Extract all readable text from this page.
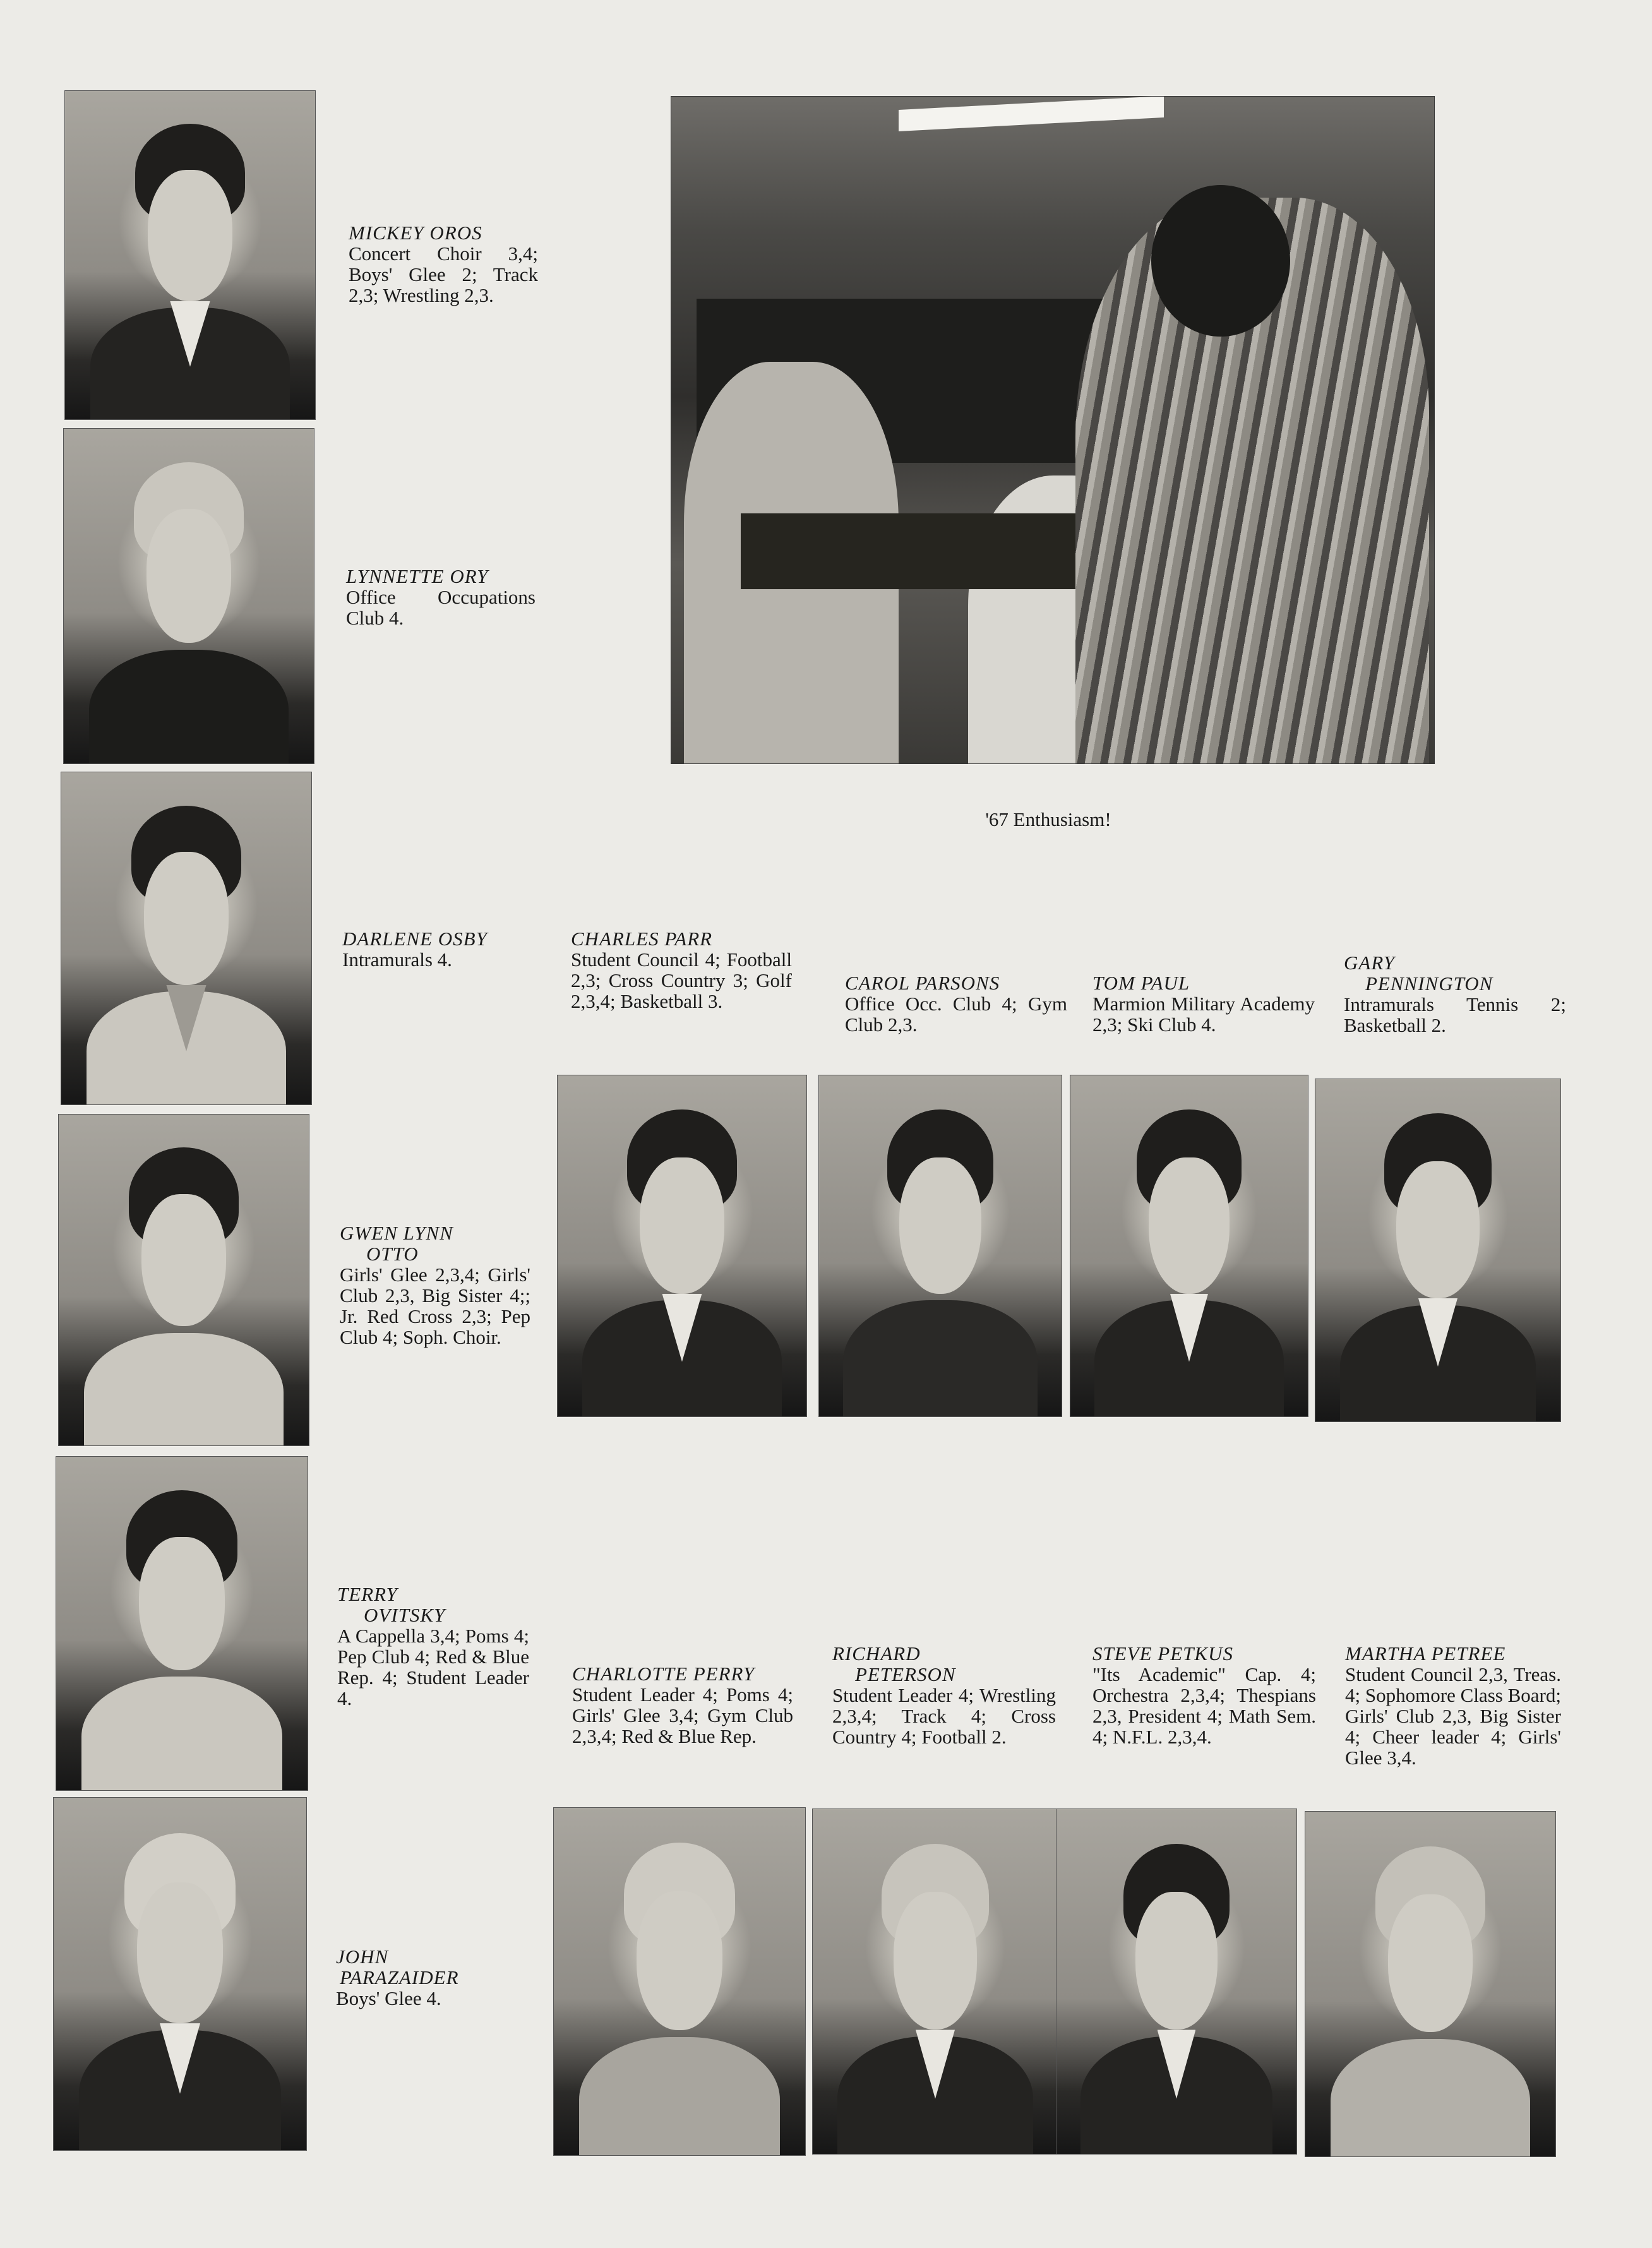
'67 Enthusiasm!
MICKEY OROS
Concert Choir 3,4; Boys' Glee 2; Track 2,3; Wrestling 2,3.
LYNNETTE ORY
Office Occupations Club 4.
DARLENE OSBY
Intramurals 4.
GWEN LYNN
OTTO
Girls' Glee 2,3,4; Girls' Club 2,3, Big Sister 4;; Jr. Red Cross 2,3; Pep Club 4; Soph. Choir.
TERRY
OVITSKY
A Cappella 3,4; Poms 4; Pep Club 4; Red & Blue Rep. 4; Student Leader 4.
JOHN
PARAZAIDER
Boys' Glee 4.
CHARLES PARR
Student Council 4; Football 2,3; Cross Country 3; Golf 2,3,4; Basketball 3.
CAROL PARSONS
Office Occ. Club 4; Gym Club 2,3.
TOM PAUL
Marmion Military Academy 2,3; Ski Club 4.
GARY
PENNINGTON
Intramurals Tennis 2; Basketball 2.
CHARLOTTE PERRY
Student Leader 4; Poms 4; Girls' Glee 3,4; Gym Club 2,3,4; Red & Blue Rep.
RICHARD
PETERSON
Student Leader 4; Wrestling 2,3,4; Track 4; Cross Country 4; Football 2.
STEVE PETKUS
"Its Academic" Cap. 4; Orchestra 2,3,4; Thespians 2,3, President 4; Math Sem. 4; N.F.L. 2,3,4.
MARTHA PETREE
Student Council 2,3, Treas. 4; Sophomore Class Board; Girls' Club 2,3, Big Sister 4; Cheer leader 4; Girls' Glee 3,4.
